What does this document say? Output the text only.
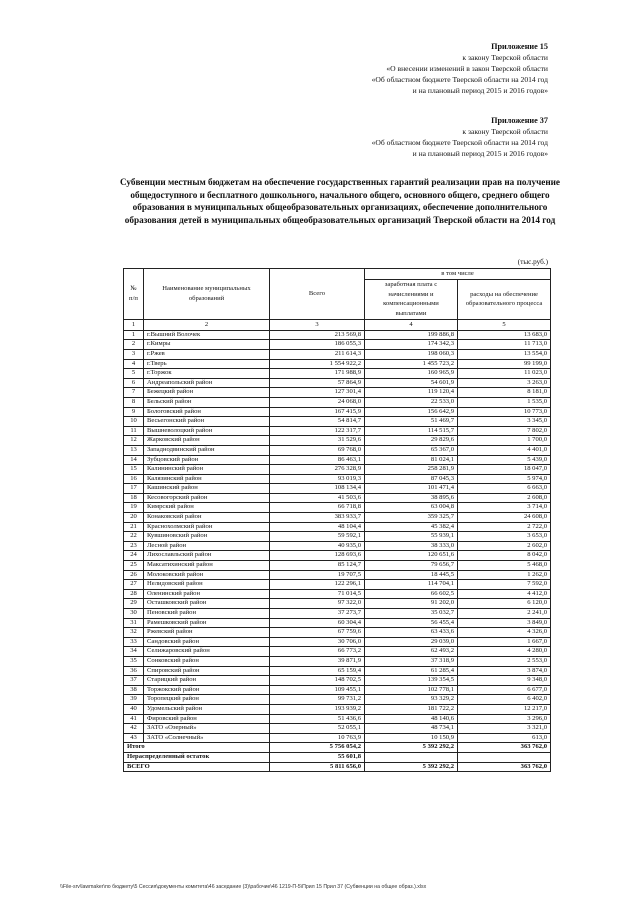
Приложение 15
к закону Тверской области
«О внесении изменений в закон Тверской области
«Об областном бюджете Тверской области на 2014 год
и на плановый период 2015 и 2016 годов»
Приложение 37
к закону Тверской области
«Об областном бюджете Тверской области на 2014 год
и на плановый период 2015 и 2016 годов»
Субвенции местным бюджетам на обеспечение государственных гарантий реализации прав на получение общедоступного и бесплатного дошкольного, начального общего, основного общего, среднего общего образования в муниципальных общеобразовательных организациях, обеспечение дополнительного образования детей в муниципальных общеобразовательных организаций Тверской области на 2014 год
(тыс.руб.)
№ п/п	Наименование муниципальных образований	Всего	в том числе	
			заработная плата с начислениями и компенсационными выплатами	расходы на обеспечение образовательного процесса
1	2	3	4	5
1	г.Вышний Волочек	213 569,8	199 886,8	13 683,0
2	г.Кимры	186 055,3	174 342,3	11 713,0
3	г.Ржев	211 614,3	198 060,3	13 554,0
4	г.Тверь	1 554 922,2	1 455 723,2	99 199,0
5	г.Торжок	171 988,9	160 965,9	11 023,0
6	Андреапольский район	57 864,9	54 601,9	3 263,0
7	Бежецкий район	127 301,4	119 120,4	8 181,0
8	Бельский район	24 068,0	22 533,0	1 535,0
9	Бологовский район	167 415,9	156 642,9	10 773,0
10	Весьегонский район	54 814,7	51 469,7	3 345,0
11	Вышневолоцкий район	122 317,7	114 515,7	7 802,0
12	Жарковский район	31 529,6	29 829,6	1 700,0
13	Западнодвинский район	69 768,0	65 367,0	4 401,0
14	Зубцовский район	86 463,1	81 024,1	5 439,0
15	Калининский район	276 328,9	258 281,9	18 047,0
16	Калязинский район	93 019,3	87 045,3	5 974,0
17	Кашинский район	108 134,4	101 471,4	6 663,0
18	Кесовогорский район	41 503,6	38 895,6	2 608,0
19	Кимрский район	66 718,8	63 004,8	3 714,0
20	Конаковский район	383 933,7	359 325,7	24 608,0
21	Краснохолмский район	48 104,4	45 382,4	2 722,0
22	Кувшиновский район	59 592,1	55 939,1	3 653,0
23	Лесной район	40 935,0	38 333,0	2 602,0
24	Лихославльский район	128 693,6	120 651,6	8 042,0
25	Максатихинский район	85 124,7	79 656,7	5 468,0
26	Молоковский район	19 707,5	18 445,5	1 262,0
27	Нелидовский район	122 296,1	114 704,1	7 592,0
28	Оленинский район	71 014,5	66 602,5	4 412,0
29	Осташковский район	97 322,0	91 202,0	6 120,0
30	Пеновский район	37 273,7	35 032,7	2 241,0
31	Рамешковский район	60 304,4	56 455,4	3 849,0
32	Ржевский район	67 759,6	63 433,6	4 326,0
33	Сандовский район	30 706,0	29 039,0	1 667,0
34	Селижаровский район	66 773,2	62 493,2	4 280,0
35	Сонковский район	39 871,9	37 318,9	2 553,0
36	Спировский район	65 159,4	61 285,4	3 874,0
37	Старицкий район	148 702,5	139 354,5	9 348,0
38	Торжокский район	109 455,1	102 778,1	6 677,0
39	Торопецкий район	99 731,2	93 329,2	6 402,0
40	Удомельский район	193 939,2	181 722,2	12 217,0
41	Фировский район	51 436,6	48 140,6	3 296,0
42	ЗАТО «Озерный»	52 055,1	48 734,1	3 321,0
43	ЗАТО «Солнечный»	10 763,9	10 150,9	613,0
Итого		5 756 054,2	5 392 292,2	363 762,0
Нераспределенный остаток		55 601,8		
ВСЕГО		5 811 656,0	5 392 292,2	363 762,0
\\File-srv\lawmaker\по бюджету\5 Сессия\документы комитета\46 заседание (3)\рабочие\46 1219-П-5\Прил 15 Прил 37 (Субвенции на общее образ.).xlsx
